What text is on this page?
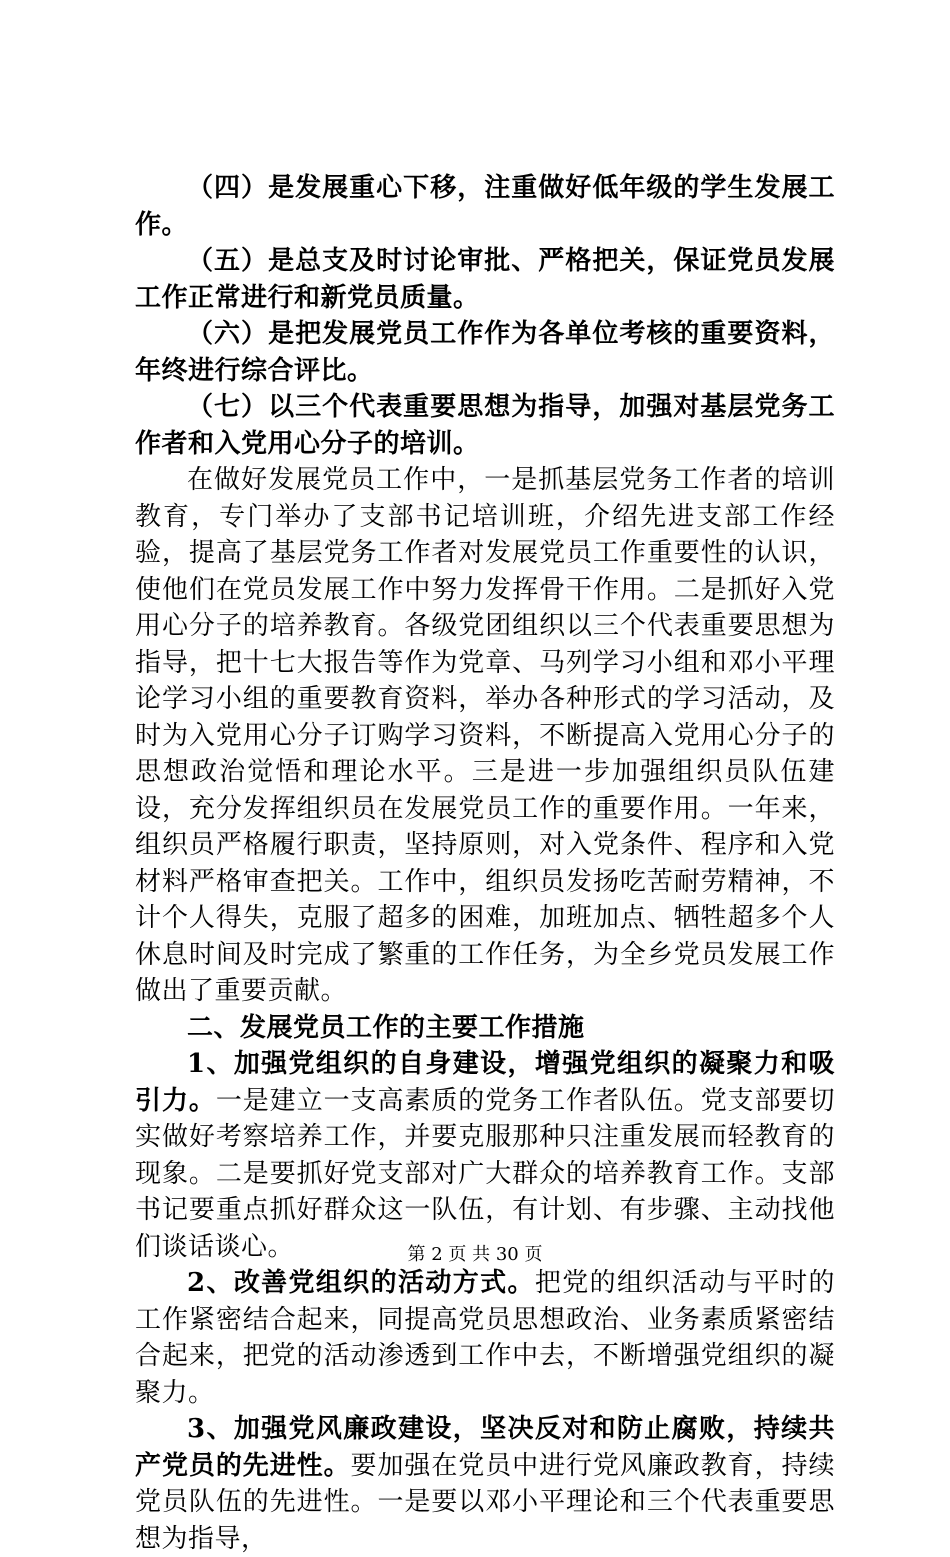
（四）是发展重心下移，注重做好低年级的学生发展工作。

（五）是总支及时讨论审批、严格把关，保证党员发展工作正常进行和新党员质量。

（六）是把发展党员工作作为各单位考核的重要资料，年终进行综合评比。

（七）以三个代表重要思想为指导，加强对基层党务工作者和入党用心分子的培训。

在做好发展党员工作中，一是抓基层党务工作者的培训教育，专门举办了支部书记培训班，介绍先进支部工作经验，提高了基层党务工作者对发展党员工作重要性的认识，使他们在党员发展工作中努力发挥骨干作用。二是抓好入党用心分子的培养教育。各级党团组织以三个代表重要思想为指导，把十七大报告等作为党章、马列学习小组和邓小平理论学习小组的重要教育资料，举办各种形式的学习活动，及时为入党用心分子订购学习资料，不断提高入党用心分子的思想政治觉悟和理论水平。三是进一步加强组织员队伍建设，充分发挥组织员在发展党员工作的重要作用。一年来，组织员严格履行职责，坚持原则，对入党条件、程序和入党材料严格审查把关。工作中，组织员发扬吃苦耐劳精神，不计个人得失，克服了超多的困难，加班加点、牺牲超多个人休息时间及时完成了繁重的工作任务，为全乡党员发展工作做出了重要贡献。

二、发展党员工作的主要工作措施

1、加强党组织的自身建设，增强党组织的凝聚力和吸引力。一是建立一支高素质的党务工作者队伍。党支部要切实做好考察培养工作，并要克服那种只注重发展而轻教育的现象。二是要抓好党支部对广大群众的培养教育工作。支部书记要重点抓好群众这一队伍，有计划、有步骤、主动找他们谈话谈心。

2、改善党组织的活动方式。把党的组织活动与平时的工作紧密结合起来，同提高党员思想政治、业务素质紧密结合起来，把党的活动渗透到工作中去，不断增强党组织的凝聚力。

3、加强党风廉政建设，坚决反对和防止腐败，持续共产党员的先进性。要加强在党员中进行党风廉政教育，持续党员队伍的先进性。一是要以邓小平理论和三个代表重要思想为指导，

第 2 页 共 30 页
